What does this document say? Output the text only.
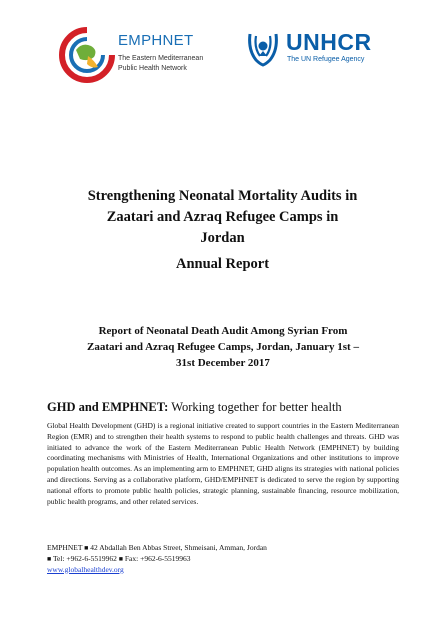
EMPHNET
The Eastern Mediterranean
Public Health Network
UNHCR
The UN Refugee Agency
Strengthening Neonatal Mortality Audits in
Zaatari and Azraq Refugee Camps in
Jordan
Annual Report
Report of Neonatal Death Audit Among Syrian From
Zaatari and Azraq Refugee Camps, Jordan, January 1st –
31st December 2017
GHD and EMPHNET: Working together for better health
Global Health Development (GHD) is a regional initiative created to support countries in the Eastern Mediterranean Region (EMR) and to strengthen their health systems to respond to public health challenges and threats. GHD was initiated to advance the work of the Eastern Mediterranean Public Health Network (EMPHNET) by building coordinating mechanisms with Ministries of Health, International Organizations and other institutions to improve population health outcomes. As an implementing arm to EMPHNET, GHD aligns its strategies with national policies and directions. Serving as a collaborative platform, GHD/EMPHNET is dedicated to serve the region by supporting national efforts to promote public health policies, strategic planning, sustainable financing, resource mobilization, public health programs, and other related services.
EMPHNET ■ 42 Abdallah Ben Abbas Street, Shmeisani, Amman, Jordan
■ Tel: +962-6-5519962 ■ Fax: +962-6-5519963
www.globalhealthdev.org
